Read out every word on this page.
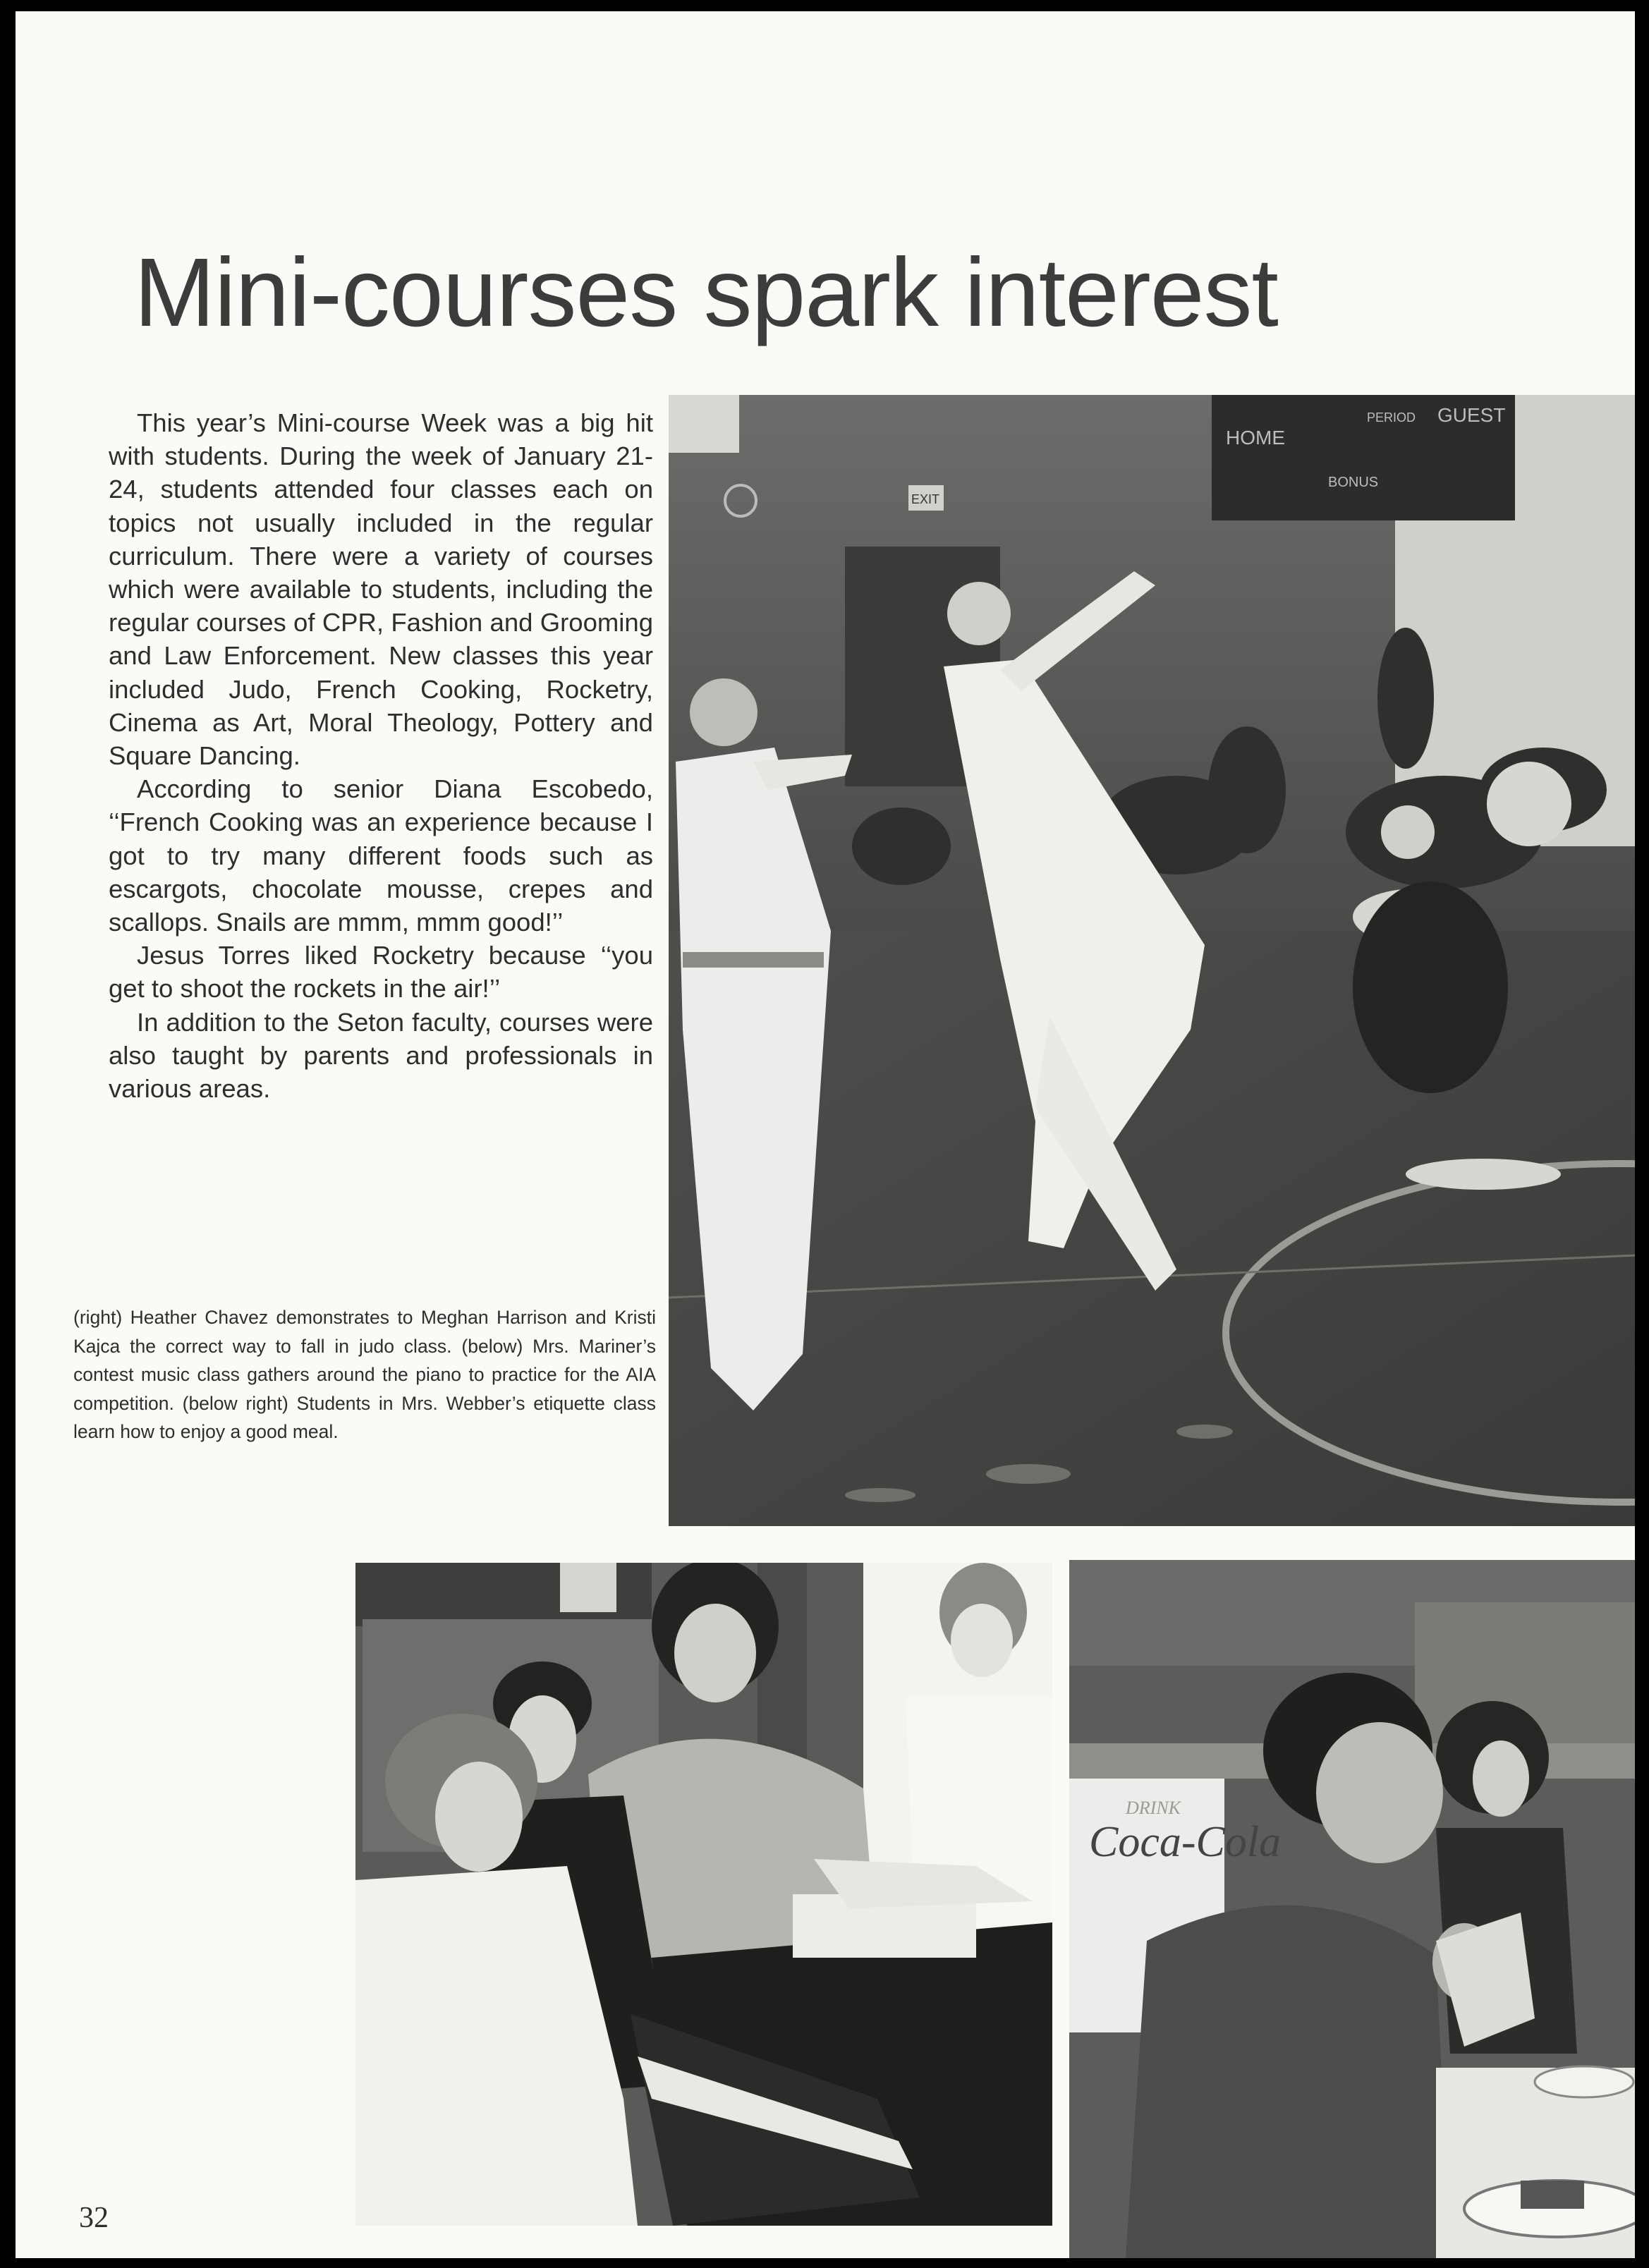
Mini-courses spark interest

This year’s Mini-course Week was a big hit with students. During the week of January 21-24, students attended four classes each on topics not usually included in the regular curriculum. There were a variety of courses which were available to students, including the regular courses of CPR, Fashion and Grooming and Law Enforcement. New classes this year included Judo, French Cooking, Rocketry, Cinema as Art, Moral Theology, Pottery and Square Dancing.

According to senior Diana Escobedo, ‘‘French Cooking was an experience because I got to try many different foods such as escargots, chocolate mousse, crepes and scallops. Snails are mmm, mmm good!’’

Jesus Torres liked Rocketry because ‘‘you get to shoot the rockets in the air!’’

In addition to the Seton faculty, courses were also taught by parents and professionals in various areas.

(right) Heather Chavez demonstrates to Meghan Harrison and Kristi Kajca the correct way to fall in judo class. (below) Mrs. Mariner’s contest music class gathers around the piano to practice for the AIA competition. (below right) Students in Mrs. Webber’s etiquette class learn how to enjoy a good meal.

HOME
PERIOD GUEST
BONUS
EXIT
DRINK
Coca-Cola
32
